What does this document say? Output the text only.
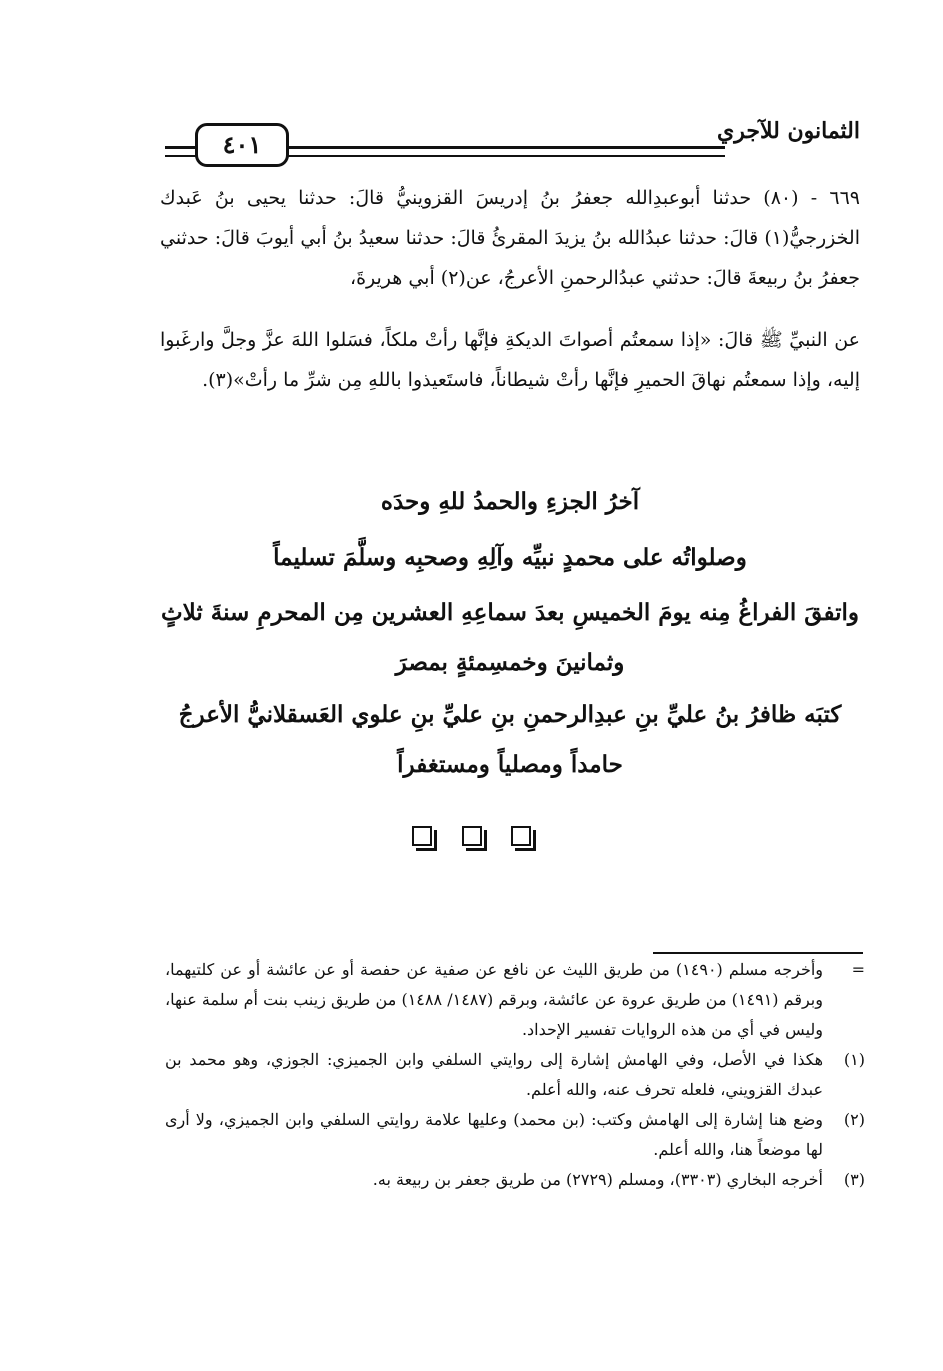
الثمانون للآجري
٤٠١

٦٦٩ - (٨٠) حدثنا أبوعبدِالله جعفرُ بنُ إدريسَ القزوينيُّ قالَ: حدثنا يحيى بنُ عَبدك الخزرجيُّ(١) قالَ: حدثنا عبدُالله بنُ يزيدَ المقرئُ قالَ: حدثنا سعيدُ بنُ أبي أيوبَ قالَ: حدثني جعفرُ بنُ ربيعةَ قالَ: حدثني عبدُالرحمنِ الأعرجُ، عن(٢) أبي هريرةَ،

عن النبيِّ ﷺ قالَ: «إذا سمعتُم أصواتَ الديكةِ فإنَّها رأتْ ملكاً، فسَلوا اللهَ عزَّ وجلَّ وارغَبوا إليه، وإذا سمعتُم نهاقَ الحميرِ فإنَّها رأتْ شيطاناً، فاستَعيذوا باللهِ مِن شرِّ ما رأتْ»(٣).

آخرُ الجزءِ والحمدُ للهِ وحدَه

وصلواتُه على محمدٍ نبيِّه وآلِهِ وصحبِه وسلَّمَ تسليماً

واتفقَ الفراغُ مِنه يومَ الخميسِ بعدَ سماعِهِ العشرين مِن المحرمِ سنةَ ثلاثٍ وثمانينَ وخمسِمئةٍ بمصرَ

كتبَه ظافرُ بنُ عليِّ بنِ عبدِالرحمنِ بنِ عليِّ بنِ علوي العَسقلانيُّ الأعرجُ حامداً ومصلياً ومستغفراً

=
وأخرجه مسلم (١٤٩٠) من طريق الليث عن نافع عن صفية عن حفصة أو عن عائشة أو عن كلتيهما، وبرقم (١٤٩١) من طريق عروة عن عائشة، وبرقم (١٤٨٧/ ١٤٨٨) من طريق زينب بنت أم سلمة عنها، وليس في أي من هذه الروايات تفسير الإحداد.

(١)
هكذا في الأصل، وفي الهامش إشارة إلى روايتي السلفي وابن الجميزي: الجوزي، وهو محمد بن عبدك القزويني، فلعله تحرف عنه، والله أعلم.

(٢)
وضع هنا إشارة إلى الهامش وكتب: (بن محمد) وعليها علامة روايتي السلفي وابن الجميزي، ولا أرى لها موضعاً هنا، والله أعلم.

(٣)
أخرجه البخاري (٣٣٠٣)، ومسلم (٢٧٢٩) من طريق جعفر بن ربيعة به.
